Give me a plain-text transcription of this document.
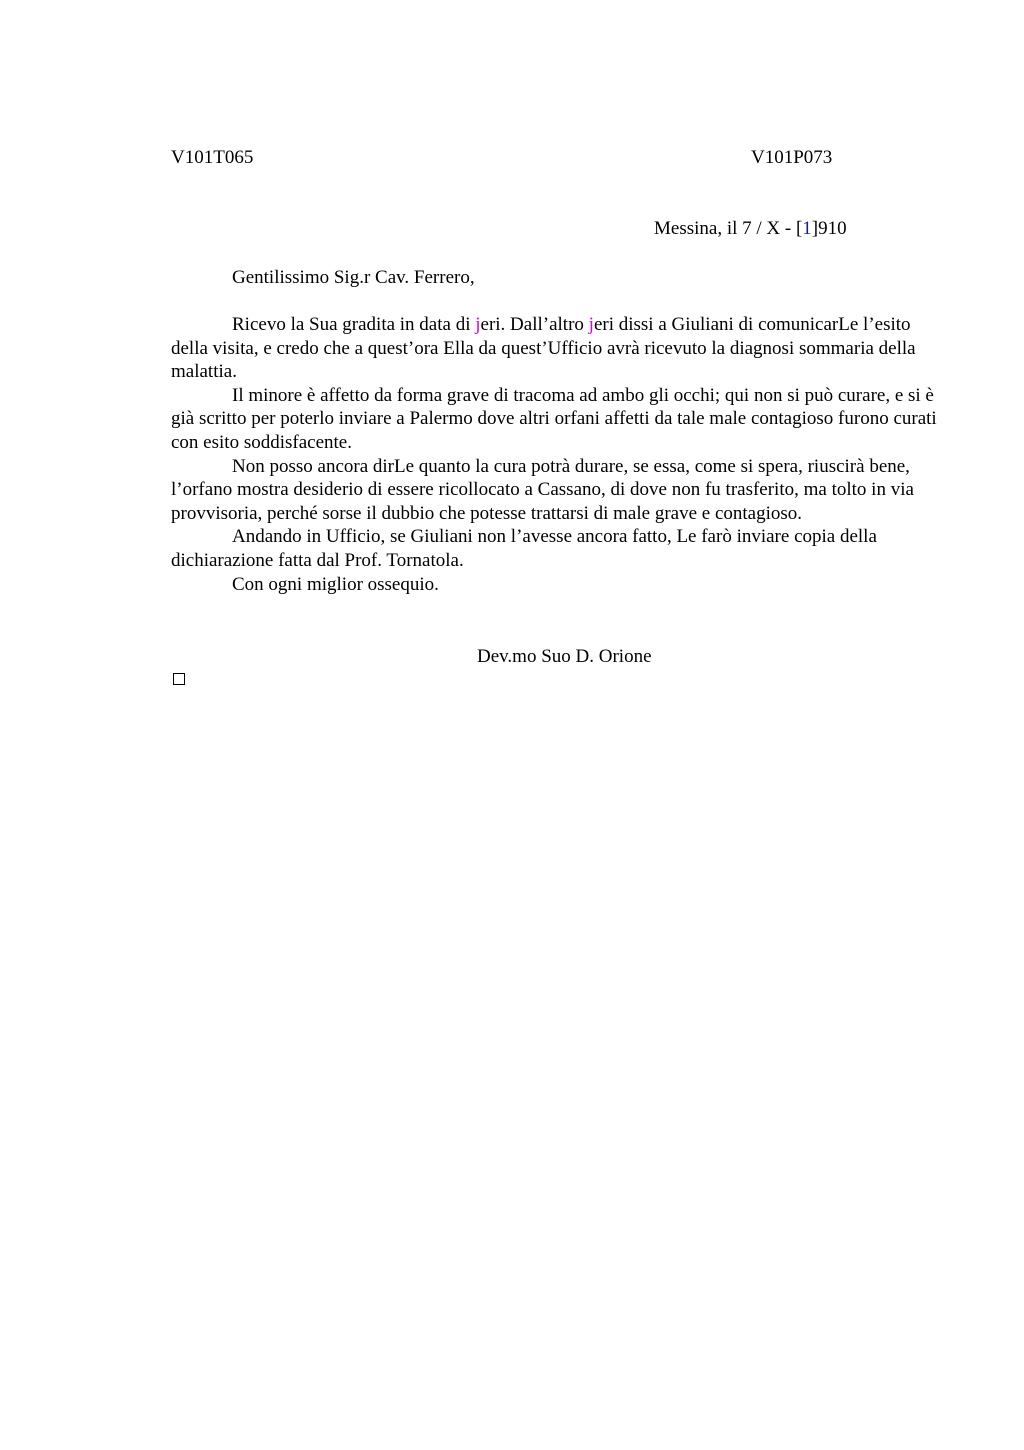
V101T065	V101P073
Messina, il 7 / X - [1]910
Gentilissimo Sig.r Cav. Ferrero,

Ricevo la Sua gradita in data di jeri. Dall’altro jeri dissi a Giuliani di comunicarLe l’esito della visita, e credo che a quest’ora Ella da quest’Ufficio avrà ricevuto la diagnosi sommaria della malattia.

Il minore è affetto da forma grave di tracoma ad ambo gli occhi; qui non si può curare, e si è già scritto per poterlo inviare a Palermo dove altri orfani affetti da tale male contagioso furono curati con esito soddisfacente.

Non posso ancora dirLe quanto la cura potrà durare, se essa, come si spera, riuscirà bene, l’orfano mostra desiderio di essere ricollocato a Cassano, di dove non fu trasferito, ma tolto in via provvisoria, perché sorse il dubbio che potesse trattarsi di male grave e contagioso.

Andando in Ufficio, se Giuliani non l’avesse ancora fatto, Le farò inviare copia della dichiarazione fatta dal Prof. Tornatola.

Con ogni miglior ossequio.

Dev.mo Suo D. Orione
